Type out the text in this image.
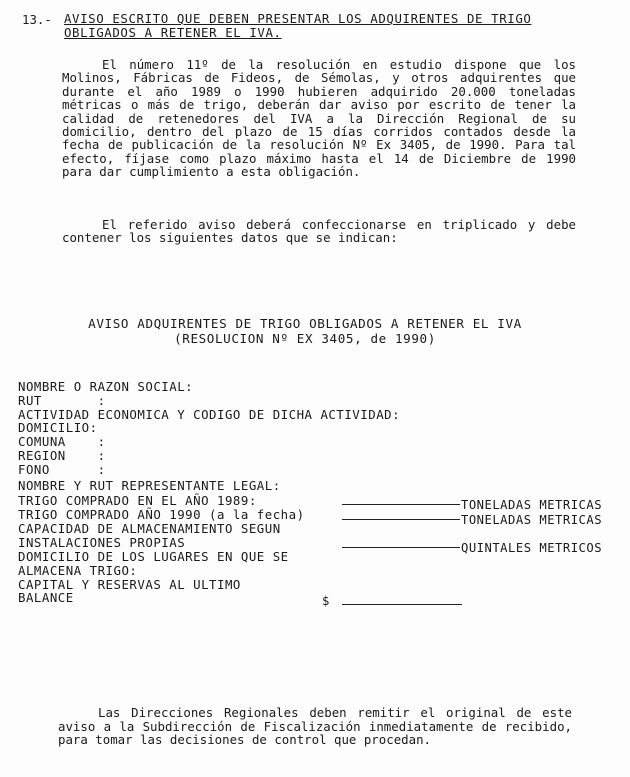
13.- AVISO ESCRITO QUE DEBEN PRESENTAR LOS ADQUIRENTES DE TRIGO OBLIGADOS A RETENER EL IVA.
El número 11º de la resolución en estudio dispone que los Molinos, Fábricas de Fideos, de Sémolas, y otros adquirentes que durante el año 1989 o 1990 hubieren adquirido 20.000 toneladas métricas o más de trigo, deberán dar aviso por escrito de tener la calidad de retenedores del IVA a la Dirección Regional de su domicilio, dentro del plazo de 15 días corridos contados desde la fecha de publicación de la resolución Nº Ex 3405, de 1990. Para tal efecto, fíjase como plazo máximo hasta el 14 de Diciembre de 1990 para dar cumplimiento a esta obligación.
El referido aviso deberá confeccionarse en triplicado y debe contener los siguientes datos que se indican:
AVISO ADQUIRENTES DE TRIGO OBLIGADOS A RETENER EL IVA
(RESOLUCION Nº EX 3405, de 1990)
NOMBRE O RAZON SOCIAL:
RUT       :
ACTIVIDAD ECONOMICA Y CODIGO DE DICHA ACTIVIDAD:
DOMICILIO:
COMUNA    :
REGION    :
FONO      :
NOMBRE Y RUT REPRESENTANTE LEGAL:
TRIGO COMPRADO EN EL AÑO 1989:	TONELADAS METRICAS
TRIGO COMPRADO AÑO 1990 (a la fecha)	TONELADAS METRICAS
CAPACIDAD DE ALMACENAMIENTO SEGUN
INSTALACIONES PROPIAS	QUINTALES METRICOS
DOMICILIO DE LOS LUGARES EN QUE SE
ALMACENA TRIGO:
CAPITAL Y RESERVAS AL ULTIMO
BALANCE	$
Las Direcciones Regionales deben remitir el original de este aviso a la Subdirección de Fiscalización inmediatamente de recibido, para tomar las decisiones de control que procedan.
